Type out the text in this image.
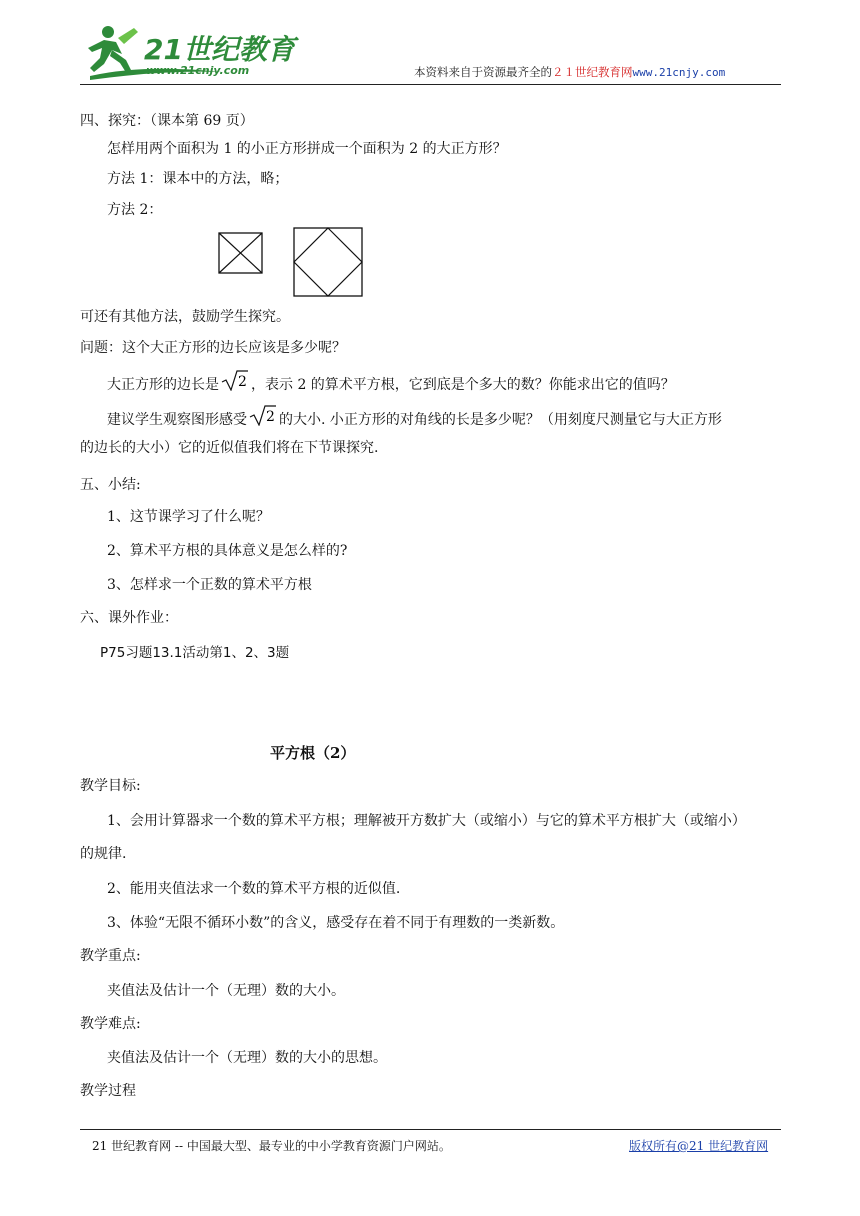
21世纪教育
www.21cnjy.com	本资料来自于资源最齐全的２１世纪教育网www.21cnjy.com
四、探究：（课本第 69 页）
怎样用两个面积为 1 的小正方形拼成一个面积为 2 的大正方形？
方法 1：课本中的方法，略；
方法 2：
可还有其他方法，鼓励学生探究。
问题：这个大正方形的边长应该是多少呢？
大正方形的边长是 2 ，表示 2 的算术平方根，它到底是个多大的数？你能求出它的值吗？
建议学生观察图形感受 2 的大小. 小正方形的对角线的长是多少呢？（用刻度尺测量它与大正方形
的边长的大小）它的近似值我们将在下节课探究.
五、小结:
1、这节课学习了什么呢？
2、算术平方根的具体意义是怎么样的?
3、怎样求一个正数的算术平方根
六、课外作业：
P75习题13.1活动第1、2、3题
平方根（2）
教学目标:
1、会用计算器求一个数的算术平方根；理解被开方数扩大（或缩小）与它的算术平方根扩大（或缩小）
的规律.
2、能用夹值法求一个数的算术平方根的近似值.
3、体验“无限不循环小数”的含义，感受存在着不同于有理数的一类新数。
教学重点:
夹值法及估计一个（无理）数的大小。
教学难点:
夹值法及估计一个（无理）数的大小的思想。
教学过程
21 世纪教育网 -- 中国最大型、最专业的中小学教育资源门户网站。	版权所有@21 世纪教育网
